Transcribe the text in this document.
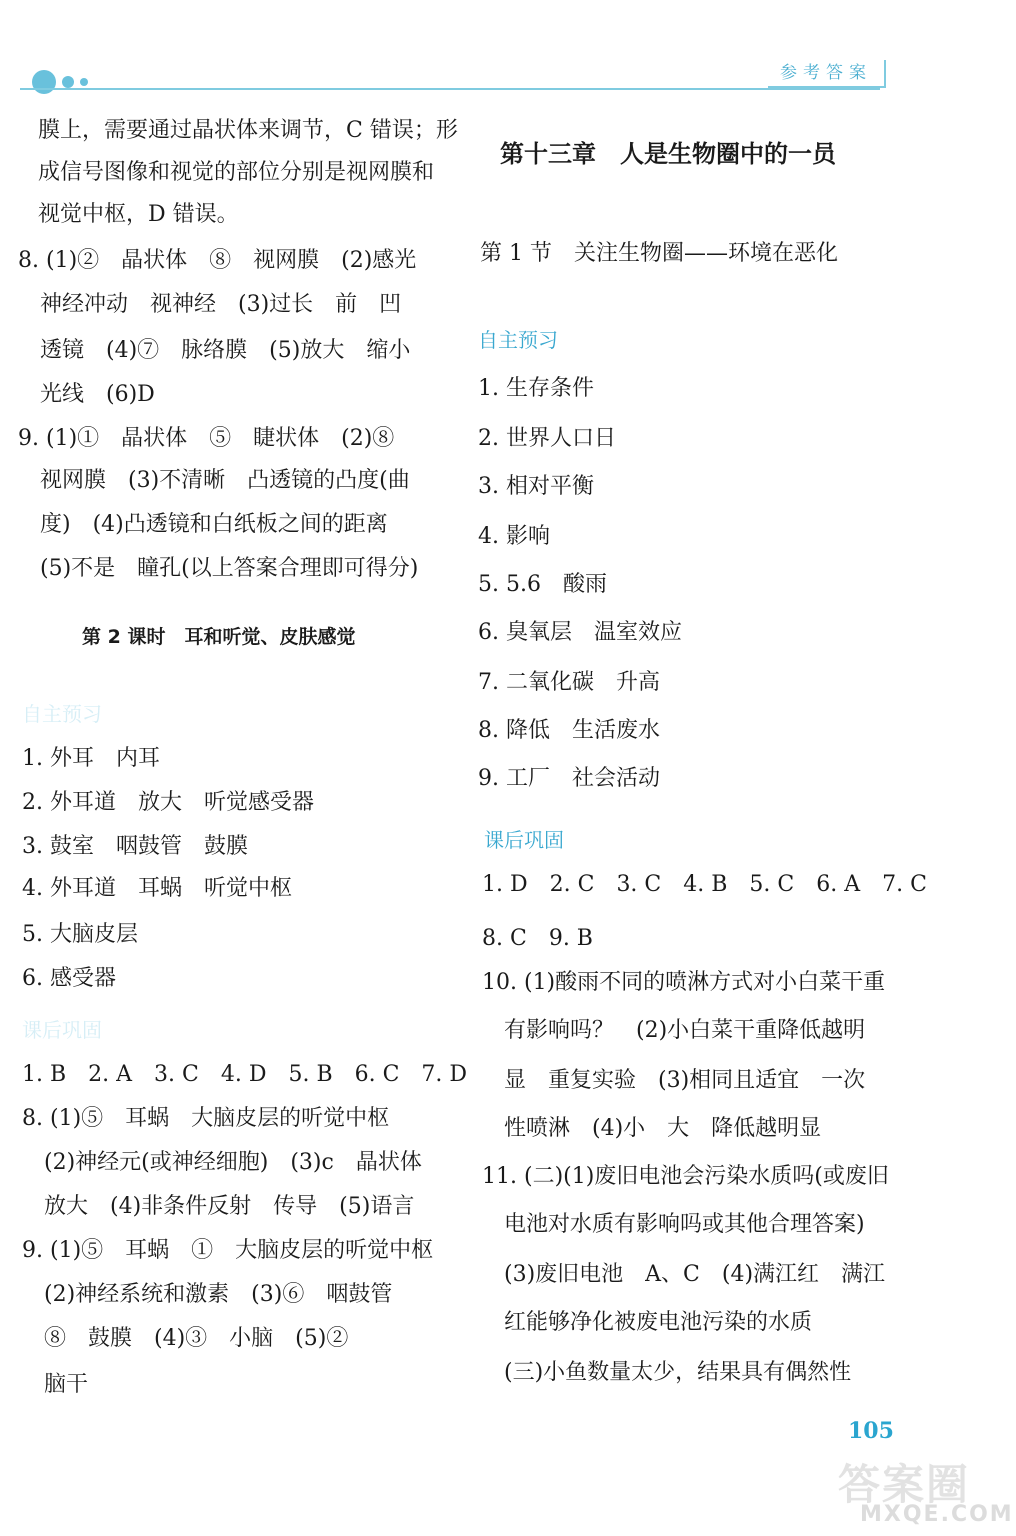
参考答案
膜上，需要通过晶状体来调节，C 错误；形
成信号图像和视觉的部位分别是视网膜和
视觉中枢，D 错误。
8. (1)②　晶状体　⑧　视网膜　(2)感光
　神经冲动　视神经　(3)过长　前　凹
　透镜　(4)⑦　脉络膜　(5)放大　缩小
　光线　(6)D
9. (1)①　晶状体　⑤　睫状体　(2)⑧
　视网膜　(3)不清晰　凸透镜的凸度(曲
　度)　(4)凸透镜和白纸板之间的距离
　(5)不是　瞳孔(以上答案合理即可得分)
第 2 课时　耳和听觉、皮肤感觉
自主预习
1. 外耳　内耳
2. 外耳道　放大　听觉感受器
3. 鼓室　咽鼓管　鼓膜
4. 外耳道　耳蜗　听觉中枢
5. 大脑皮层
6. 感受器
课后巩固
1. B　2. A　3. C　4. D　5. B　6. C　7. D
8. (1)⑤　耳蜗　大脑皮层的听觉中枢
　(2)神经元(或神经细胞)　(3)c　晶状体
　放大　(4)非条件反射　传导　(5)语言
9. (1)⑤　耳蜗　①　大脑皮层的听觉中枢
　(2)神经系统和激素　(3)⑥　咽鼓管
　⑧　鼓膜　(4)③　小脑　(5)②
　脑干
第十三章　人是生物圈中的一员
第 1 节　关注生物圈——环境在恶化
自主预习
1. 生存条件
2. 世界人口日
3. 相对平衡
4. 影响
5. 5.6　酸雨
6. 臭氧层　温室效应
7. 二氧化碳　升高
8. 降低　生活废水
9. 工厂　社会活动
课后巩固
1. D　2. C　3. C　4. B　5. C　6. A　7. C
8. C　9. B
10. (1)酸雨不同的喷淋方式对小白菜干重
　有影响吗？　(2)小白菜干重降低越明
　显　重复实验　(3)相同且适宜　一次
　性喷淋　(4)小　大　降低越明显
11. (二)(1)废旧电池会污染水质吗(或废旧
　电池对水质有影响吗或其他合理答案)
　(3)废旧电池　A、C　(4)满江红　满江
　红能够净化被废电池污染的水质
　(三)小鱼数量太少，结果具有偶然性
105
答案圈
MXQE.COM
